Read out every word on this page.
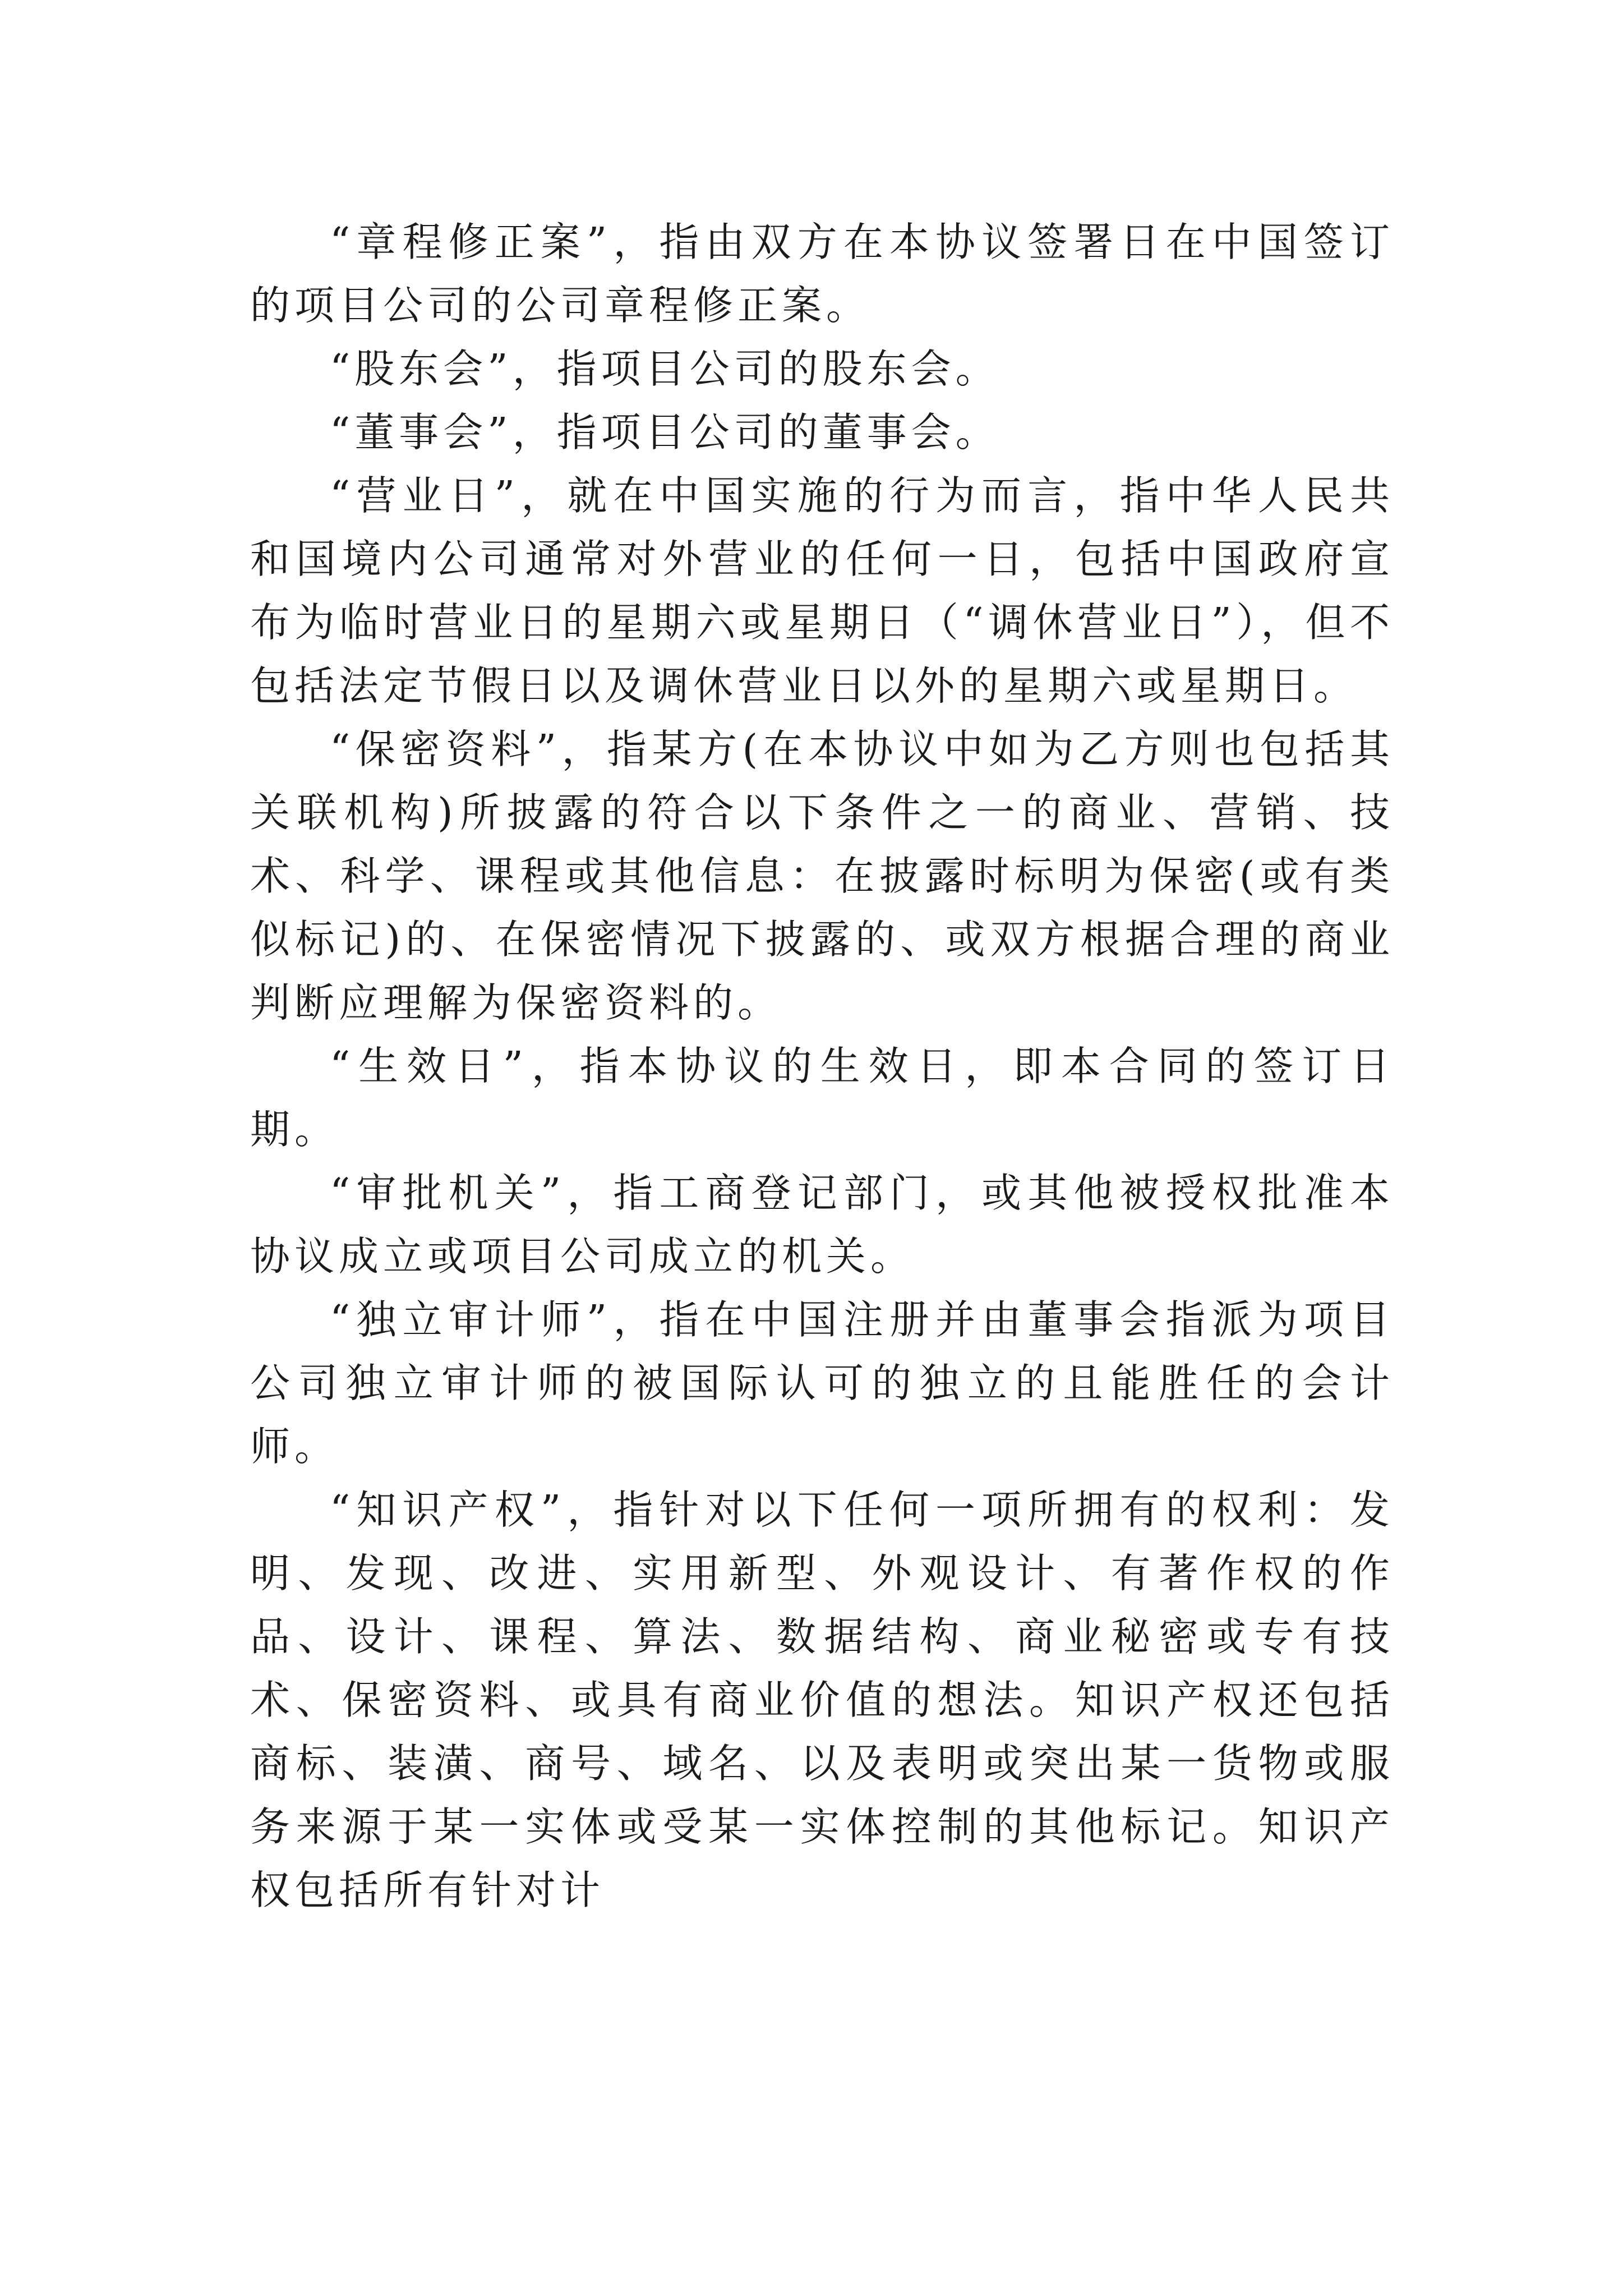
“章程修正案”，指由双方在本协议签署日在中国签订的项目公司的公司章程修正案。

“股东会”，指项目公司的股东会。

“董事会”，指项目公司的董事会。

“营业日”，就在中国实施的行为而言，指中华人民共和国境内公司通常对外营业的任何一日，包括中国政府宣布为临时营业日的星期六或星期日（“调休营业日”），但不包括法定节假日以及调休营业日以外的星期六或星期日。

“保密资料”，指某方(在本协议中如为乙方则也包括其关联机构)所披露的符合以下条件之一的商业、营销、技术、科学、课程或其他信息：在披露时标明为保密(或有类似标记)的、在保密情况下披露的、或双方根据合理的商业判断应理解为保密资料的。

“生效日”，指本协议的生效日，即本合同的签订日期。

“审批机关”，指工商登记部门，或其他被授权批准本协议成立或项目公司成立的机关。

“独立审计师”，指在中国注册并由董事会指派为项目公司独立审计师的被国际认可的独立的且能胜任的会计师。

“知识产权”，指针对以下任何一项所拥有的权利：发明、发现、改进、实用新型、外观设计、有著作权的作品、设计、课程、算法、数据结构、商业秘密或专有技术、保密资料、或具有商业价值的想法。知识产权还包括商标、装潢、商号、域名、以及表明或突出某一货物或服务来源于某一实体或受某一实体控制的其他标记。知识产权包括所有针对计
